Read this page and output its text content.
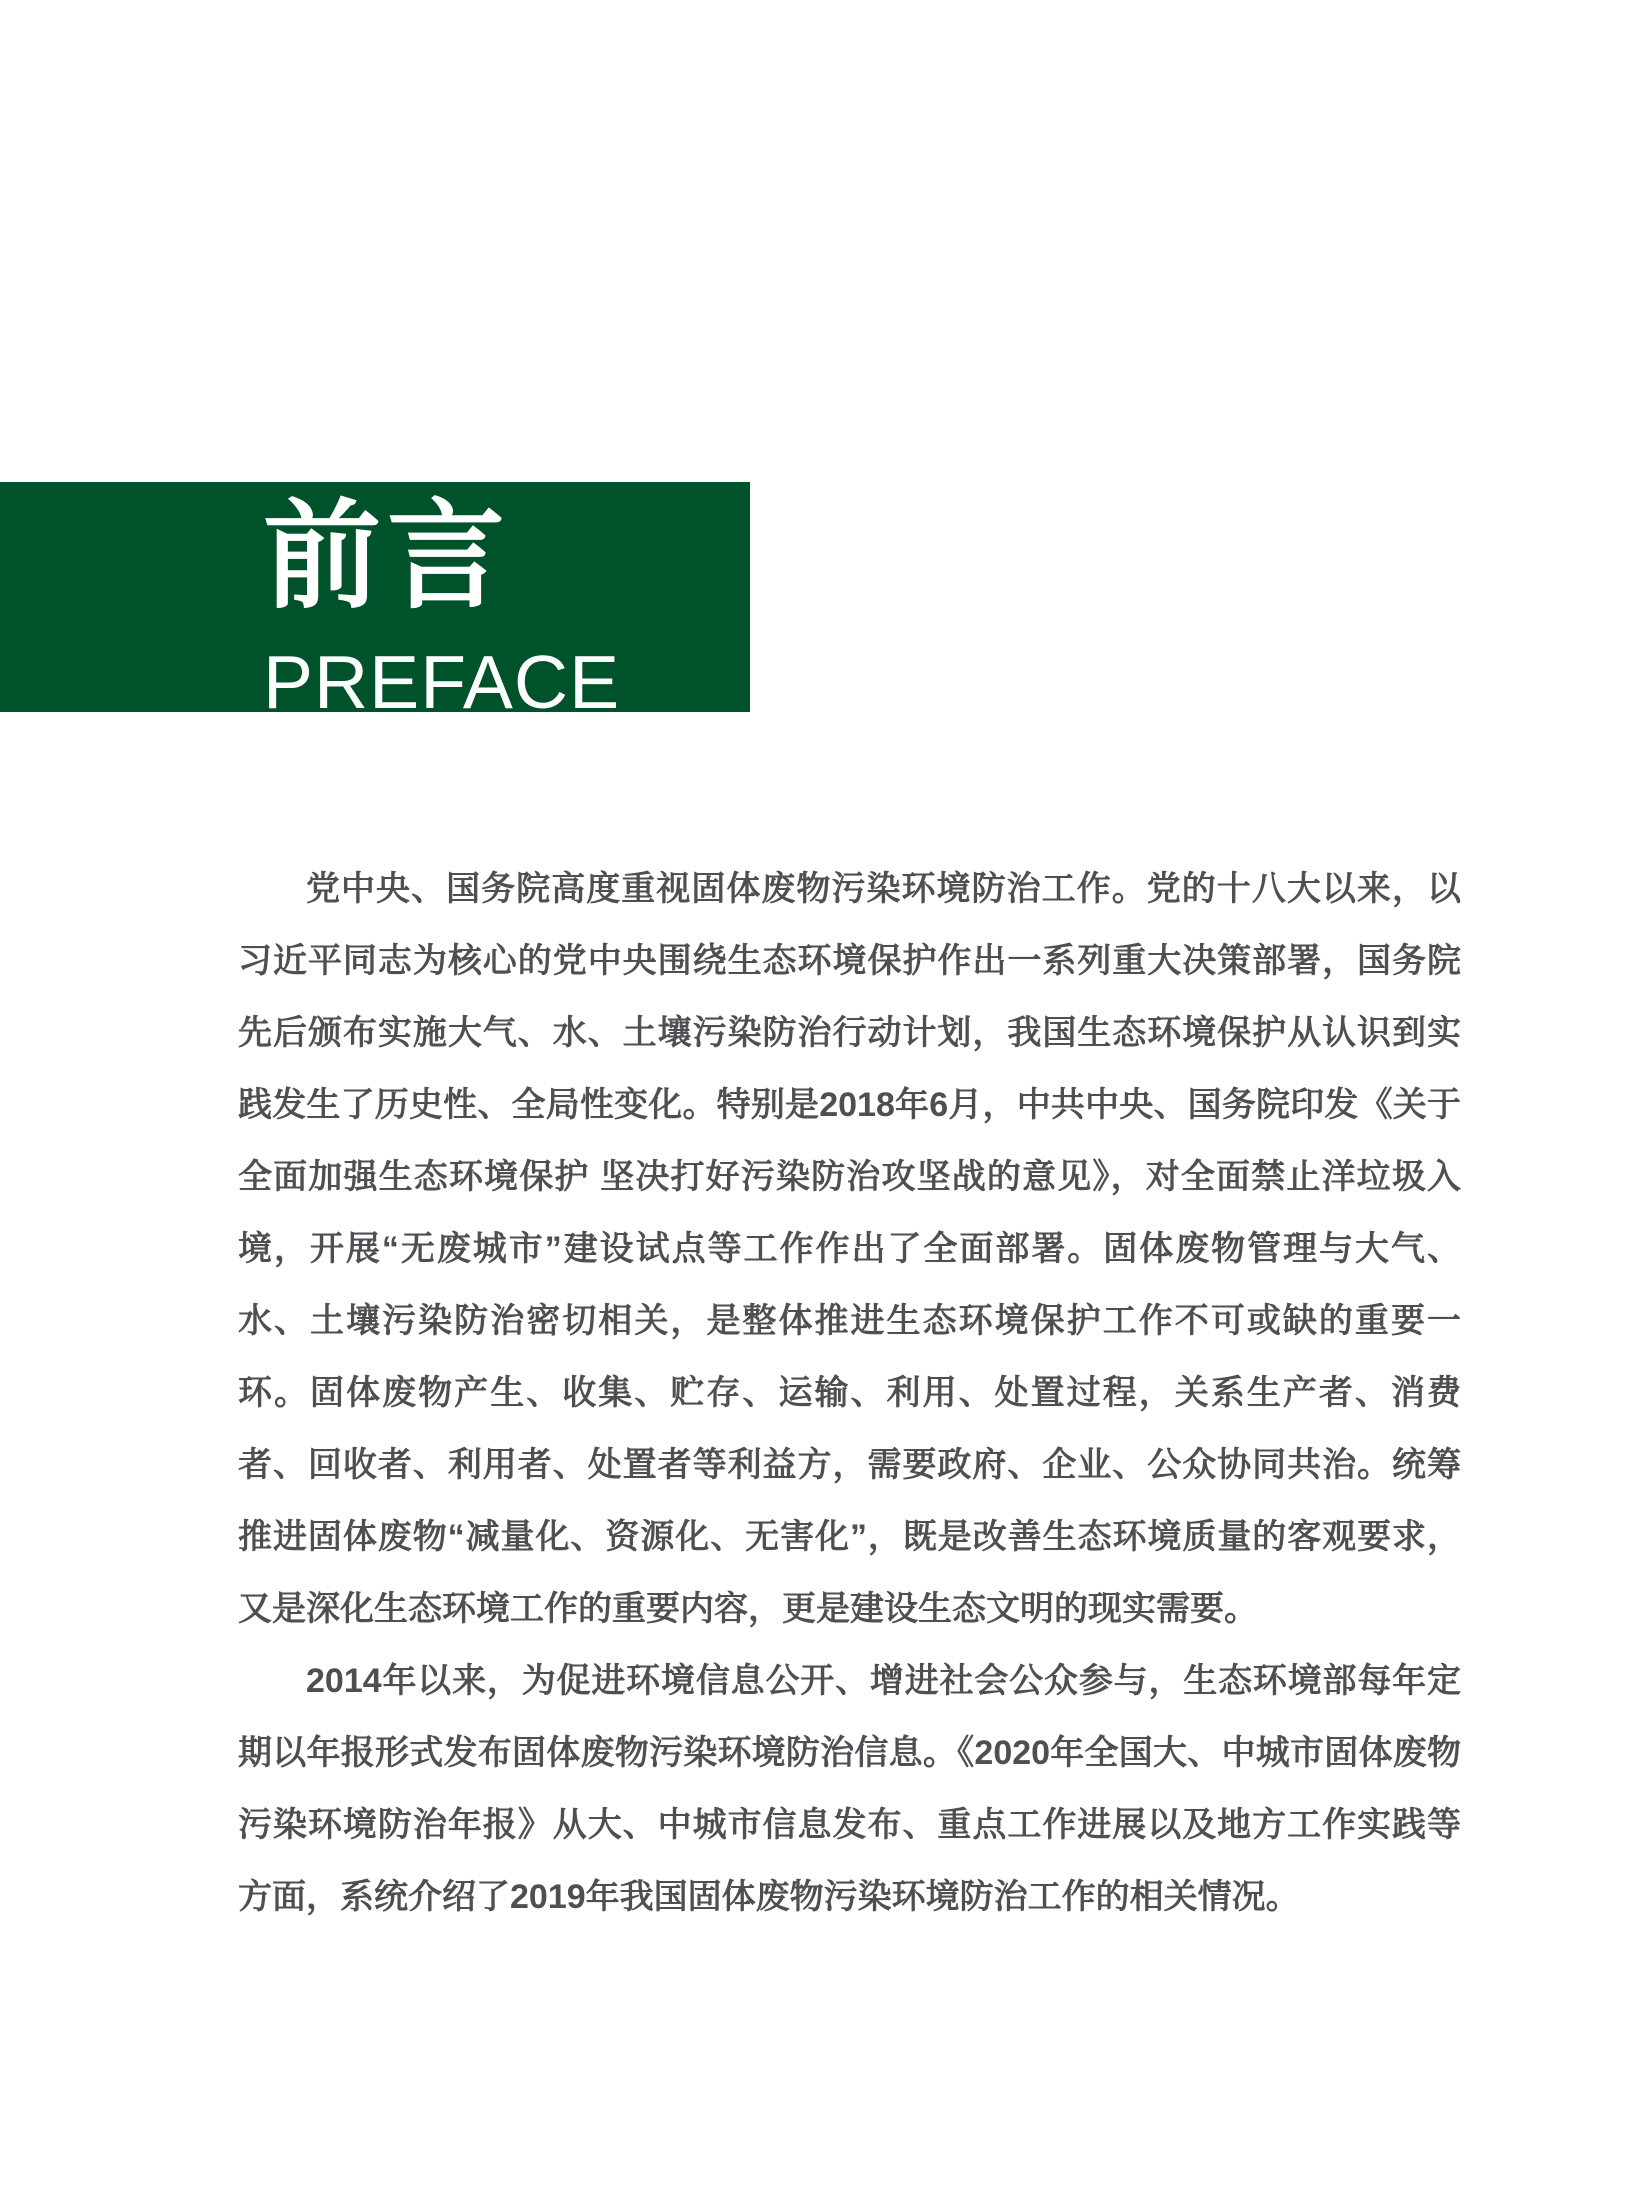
前言
PREFACE

党中央、国务院高度重视固体废物污染环境防治工作。党的十八大以来，以习近平同志为核心的党中央围绕生态环境保护作出一系列重大决策部署，国务院先后颁布实施大气、水、土壤污染防治行动计划，我国生态环境保护从认识到实践发生了历史性、全局性变化。特别是2018年6月，中共中央、国务院印发《关于全面加强生态环境保护 坚决打好污染防治攻坚战的意见》，对全面禁止洋垃圾入境，开展“无废城市”建设试点等工作作出了全面部署。固体废物管理与大气、水、土壤污染防治密切相关，是整体推进生态环境保护工作不可或缺的重要一环。固体废物产生、收集、贮存、运输、利用、处置过程，关系生产者、消费者、回收者、利用者、处置者等利益方，需要政府、企业、公众协同共治。统筹推进固体废物“减量化、资源化、无害化”，既是改善生态环境质量的客观要求，又是深化生态环境工作的重要内容，更是建设生态文明的现实需要。

2014年以来，为促进环境信息公开、增进社会公众参与，生态环境部每年定期以年报形式发布固体废物污染环境防治信息。《2020年全国大、中城市固体废物污染环境防治年报》从大、中城市信息发布、重点工作进展以及地方工作实践等方面，系统介绍了2019年我国固体废物污染环境防治工作的相关情况。
